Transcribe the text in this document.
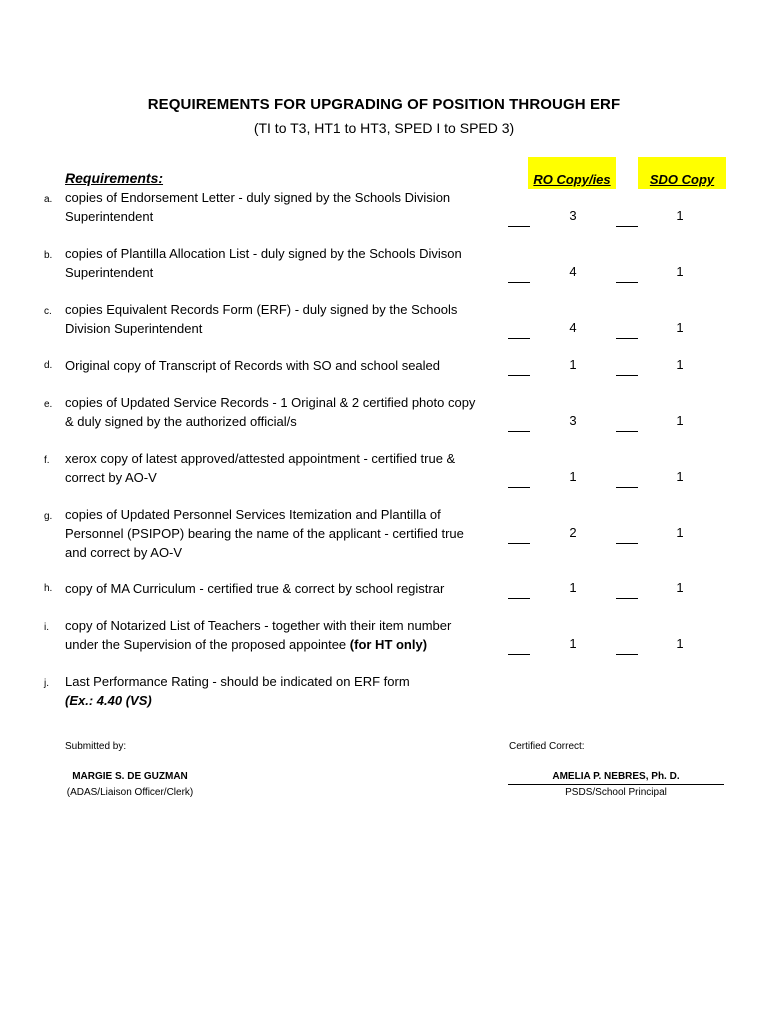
REQUIREMENTS FOR UPGRADING OF POSITION THROUGH ERF
(TI to T3, HT1 to HT3, SPED I to SPED 3)
Requirements:	RO Copy/ies	SDO Copy
a. copies of Endorsement Letter - duly signed by the Schools Division
Superintendent	3	1
b. copies of Plantilla Allocation List - duly signed by the Schools Divison
Superintendent	4	1
c. copies Equivalent Records Form (ERF) - duly signed by the Schools
Division Superintendent	4	1
d. Original copy of Transcript of Records with SO and school sealed	1	1
e. copies of Updated Service Records - 1 Original & 2 certified photo copy
& duly signed by the authorized official/s	3	1
f. xerox copy of latest approved/attested appointment - certified true &
correct by AO-V	1	1
g. copies of Updated Personnel Services Itemization and Plantilla of
Personnel (PSIPOP) bearing the name of the applicant - certified true
and correct by AO-V
2	1
h. copy of MA Curriculum - certified true & correct by school registrar	1	1
i. copy of Notarized List of Teachers - together with their item number
under the Supervision of the proposed appointee (for HT only)	1	1
j. Last Performance Rating - should be indicated on ERF form
(Ex.: 4.40 (VS)
Submitted by:
MARGIE S. DE GUZMAN
(ADAS/Liaison Officer/Clerk)
Certified Correct:
AMELIA P. NEBRES, Ph. D.
PSDS/School Principal
